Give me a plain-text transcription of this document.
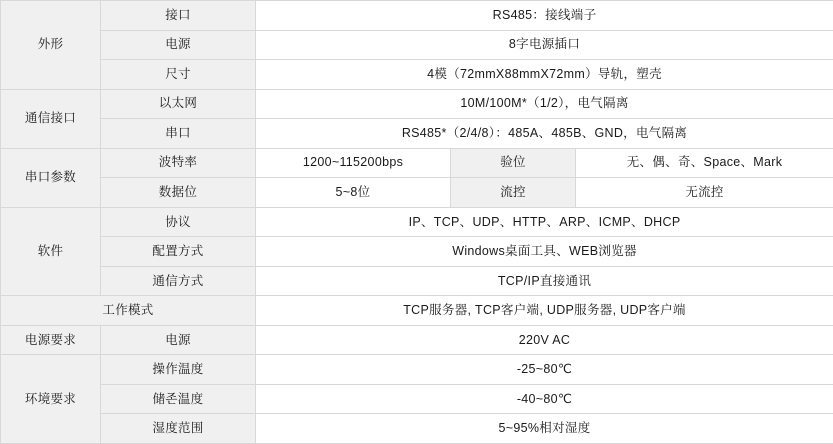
外形	接口	RS485：接线端子		
	电源	8字电源插口		
	尺寸	4模（72mmX88mmX72mm）导轨，塑壳		
通信接口	以太网	10M/100M*（1/2），电气隔离		
	串口	RS485*（2/4/8）：485A、485B、GND，电气隔离		
串口参数	波特率	1200~115200bps	验位	无、偶、奇、Space、Mark
	数据位	5~8位	流控	无流控
软件	协议	IP、TCP、UDP、HTTP、ARP、ICMP、DHCP		
	配置方式	Windows桌面工具、WEB浏览器		
	通信方式	TCP/IP直接通讯		
工作模式		TCP服务器, TCP客户端, UDP服务器, UDP客户端		
电源要求	电源	220V AC		
环境要求	操作温度	-25~80℃		
	储존温度	-40~80℃		
	湿度范围	5~95%相对湿度		
